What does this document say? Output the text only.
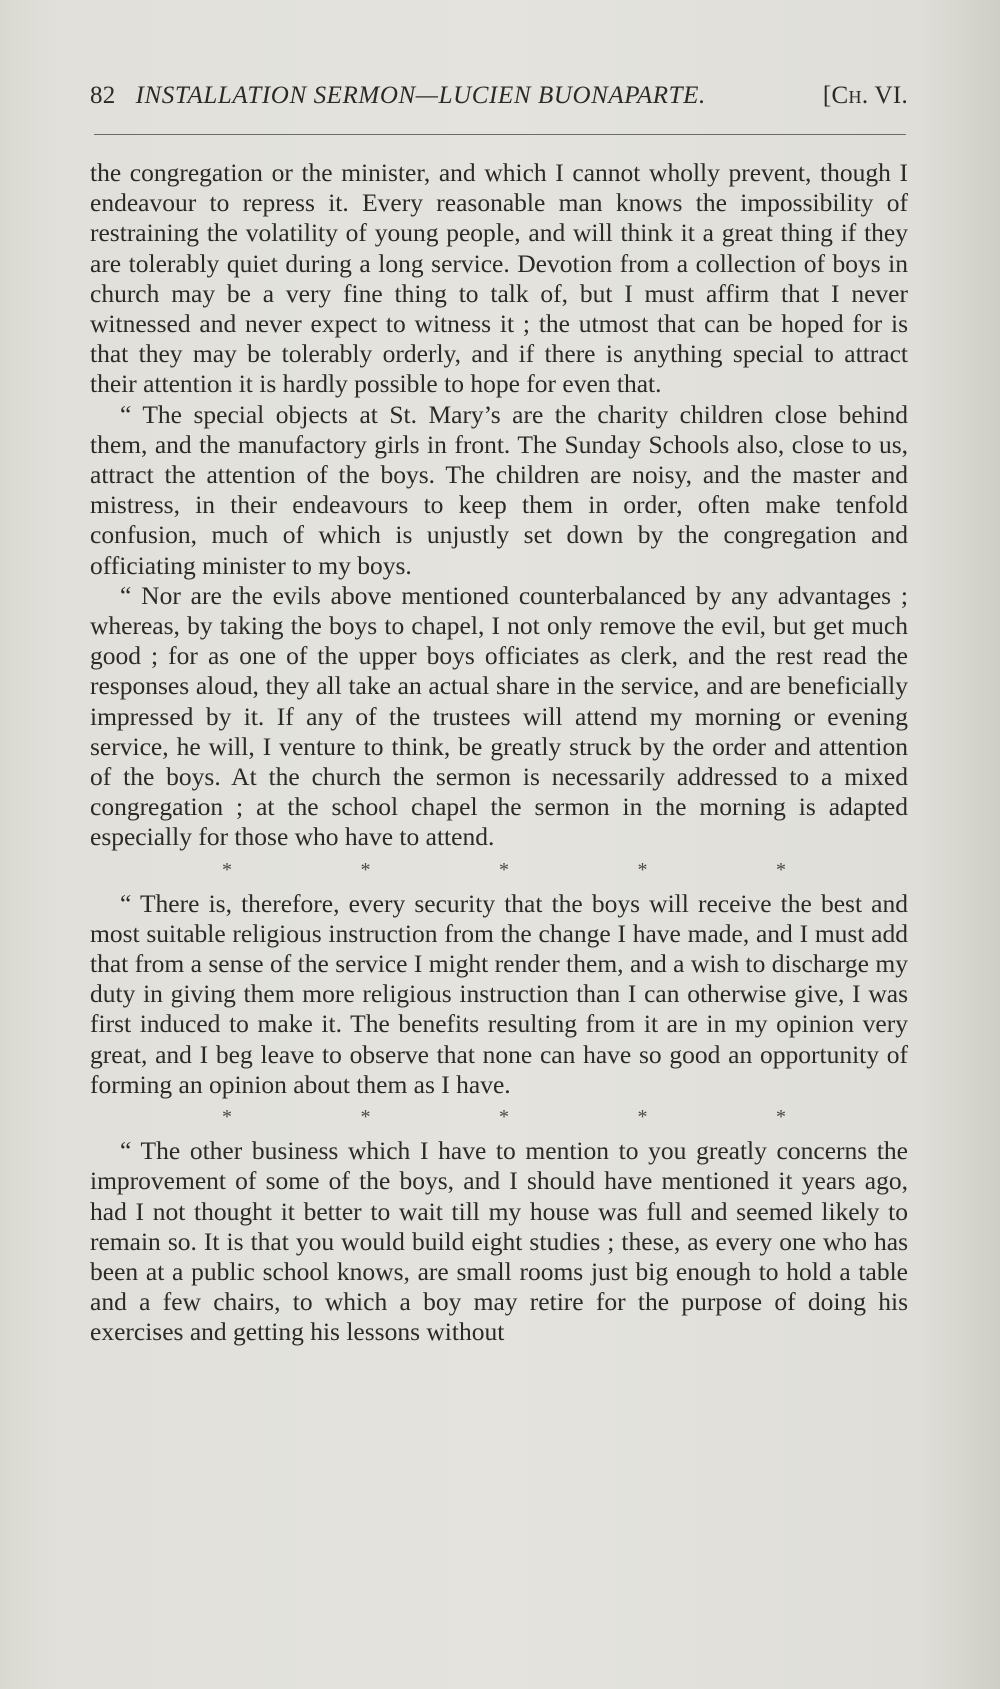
82 INSTALLATION SERMON—LUCIEN BUONAPARTE.	[Ch. VI.

the congregation or the minister, and which I cannot wholly prevent, though I endeavour to repress it. Every reasonable man knows the impossibility of restraining the volatility of young people, and will think it a great thing if they are tolerably quiet during a long service. Devotion from a collection of boys in church may be a very fine thing to talk of, but I must affirm that I never witnessed and never expect to witness it ; the utmost that can be hoped for is that they may be tolerably orderly, and if there is anything special to attract their attention it is hardly possible to hope for even that.

“ The special objects at St. Mary’s are the charity children close behind them, and the manufactory girls in front. The Sunday Schools also, close to us, attract the attention of the boys. The children are noisy, and the master and mistress, in their endeavours to keep them in order, often make tenfold confusion, much of which is unjustly set down by the congregation and officiating minister to my boys.

“ Nor are the evils above mentioned counterbalanced by any advantages ; whereas, by taking the boys to chapel, I not only remove the evil, but get much good ; for as one of the upper boys officiates as clerk, and the rest read the responses aloud, they all take an actual share in the service, and are beneficially impressed by it. If any of the trustees will attend my morning or evening service, he will, I venture to think, be greatly struck by the order and attention of the boys. At the church the sermon is necessarily addressed to a mixed congregation ; at the school chapel the sermon in the morning is adapted especially for those who have to attend.

*	*	*	*	*

“ There is, therefore, every security that the boys will receive the best and most suitable religious instruction from the change I have made, and I must add that from a sense of the service I might render them, and a wish to discharge my duty in giving them more religious instruction than I can otherwise give, I was first induced to make it. The benefits resulting from it are in my opinion very great, and I beg leave to observe that none can have so good an opportunity of forming an opinion about them as I have.

*	*	*	*	*

“ The other business which I have to mention to you greatly concerns the improvement of some of the boys, and I should have mentioned it years ago, had I not thought it better to wait till my house was full and seemed likely to remain so. It is that you would build eight studies ; these, as every one who has been at a public school knows, are small rooms just big enough to hold a table and a few chairs, to which a boy may retire for the purpose of doing his exercises and getting his lessons without
